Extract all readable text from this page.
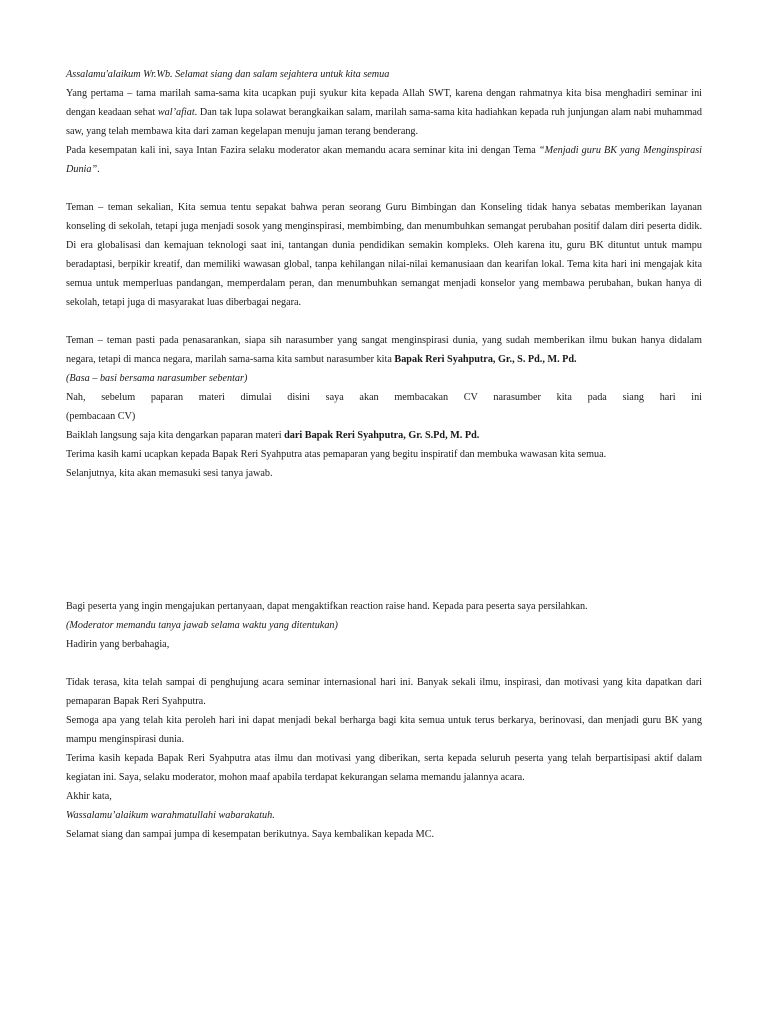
Assalamu'alaikum Wr.Wb. Selamat siang dan salam sejahtera untuk kita semua

Yang pertama – tama marilah sama-sama kita ucapkan puji syukur kita kepada Allah SWT, karena dengan rahmatnya kita bisa menghadiri seminar ini dengan keadaan sehat wal’afiat. Dan tak lupa solawat berangkaikan salam, marilah sama-sama kita hadiahkan kepada ruh junjungan alam nabi muhammad saw, yang telah membawa kita dari zaman kegelapan menuju jaman terang benderang.

Pada kesempatan kali ini, saya Intan Fazira selaku moderator akan memandu acara seminar kita ini dengan Tema “Menjadi guru BK yang Menginspirasi Dunia”.

Teman – teman sekalian, Kita semua tentu sepakat bahwa peran seorang Guru Bimbingan dan Konseling tidak hanya sebatas memberikan layanan konseling di sekolah, tetapi juga menjadi sosok yang menginspirasi, membimbing, dan menumbuhkan semangat perubahan positif dalam diri peserta didik. Di era globalisasi dan kemajuan teknologi saat ini, tantangan dunia pendidikan semakin kompleks. Oleh karena itu, guru BK dituntut untuk mampu beradaptasi, berpikir kreatif, dan memiliki wawasan global, tanpa kehilangan nilai-nilai kemanusiaan dan kearifan lokal. Tema kita hari ini mengajak kita semua untuk memperluas pandangan, memperdalam peran, dan menumbuhkan semangat menjadi konselor yang membawa perubahan, bukan hanya di sekolah, tetapi juga di masyarakat luas diberbagai negara.

Teman – teman pasti pada penasarankan, siapa sih narasumber yang sangat menginspirasi dunia, yang sudah memberikan ilmu bukan hanya didalam negara, tetapi di manca negara, marilah sama-sama kita sambut narasumber kita Bapak Reri Syahputra, Gr., S. Pd., M. Pd.

(Basa – basi bersama narasumber sebentar)

Nah, sebelum paparan materi dimulai disini saya akan membacakan CV narasumber kita pada siang hari ini

(pembacaan CV)

Baiklah langsung saja kita dengarkan paparan materi dari Bapak Reri Syahputra, Gr. S.Pd, M. Pd.

Terima kasih kami ucapkan kepada Bapak Reri Syahputra atas pemaparan yang begitu inspiratif dan membuka wawasan kita semua.

Selanjutnya, kita akan memasuki sesi tanya jawab.

Bagi peserta yang ingin mengajukan pertanyaan, dapat mengaktifkan reaction raise hand. Kepada para peserta saya persilahkan.

(Moderator memandu tanya jawab selama waktu yang ditentukan)

Hadirin yang berbahagia,

Tidak terasa, kita telah sampai di penghujung acara seminar internasional hari ini. Banyak sekali ilmu, inspirasi, dan motivasi yang kita dapatkan dari pemaparan Bapak Reri Syahputra.

Semoga apa yang telah kita peroleh hari ini dapat menjadi bekal berharga bagi kita semua untuk terus berkarya, berinovasi, dan menjadi guru BK yang mampu menginspirasi dunia.

Terima kasih kepada Bapak Reri Syahputra atas ilmu dan motivasi yang diberikan, serta kepada seluruh peserta yang telah berpartisipasi aktif dalam kegiatan ini. Saya, selaku moderator, mohon maaf apabila terdapat kekurangan selama memandu jalannya acara.

Akhir kata,

Wassalamu’alaikum warahmatullahi wabarakatuh.

Selamat siang dan sampai jumpa di kesempatan berikutnya. Saya kembalikan kepada MC.
